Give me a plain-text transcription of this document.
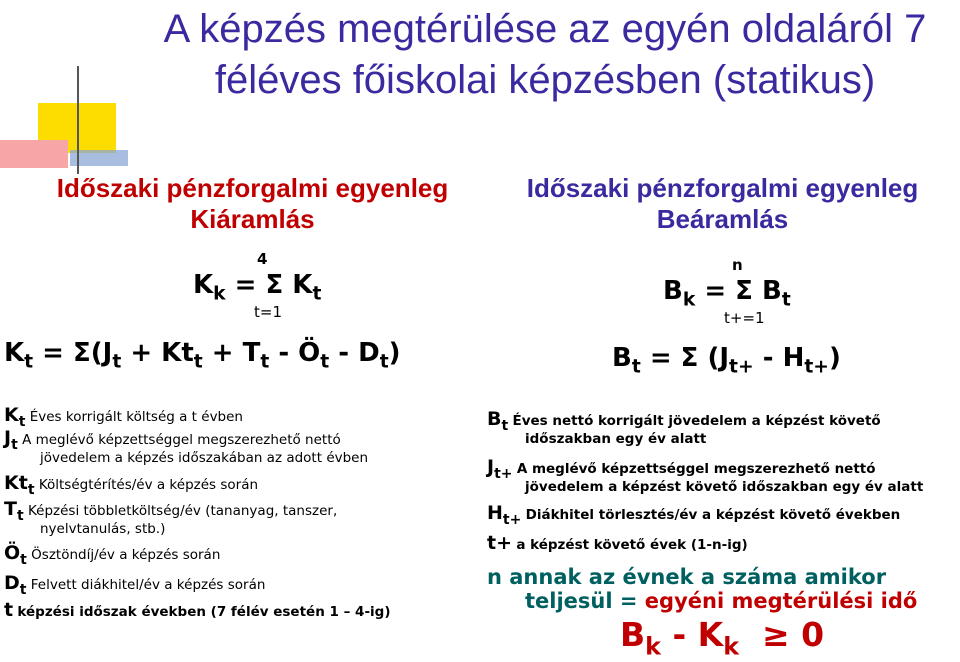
A képzés megtérülése az egyén oldaláról 7 féléves főiskolai képzésben (statikus)
Időszaki pénzforgalmi egyenleg
Kiáramlás
Időszaki pénzforgalmi egyenleg
Beáramlás
4
$K_k = \Sigma$ $K_t$
t=1
$K_t = \Sigma(J_t + Kt_t + T_t$ - $Ö_t - D_t$)
n
$B_k = \Sigma$ $B_t$
t+=1
$B_t = \Sigma$ $(J_{t+} - H_{t+})$
$K_t$ Éves korrigált költség a t évben
$J_t$ A meglévő képzettséggel megszerezhető nettó
jövedelem a képzés időszakában az adott évben
$Kt_t$ Költségtérítés/év a képzés során
$T_t$ Képzési többletköltség/év (tananyag, tanszer,
nyelvtanulás, stb.)
$Ö_t$ Ösztöndíj/év a képzés során
$D_t$ Felvett diákhitel/év a képzés során
t képzési időszak években (7 félév esetén 1 – 4-ig)
$B_t$ Éves nettó korrigált jövedelem a képzést követő
időszakban egy év alatt
$J_{t+}$ A meglévő képzettséggel megszerezhető nettó
jövedelem a képzést követő időszakban egy év alatt
$H_{t+}$ Diákhitel törlesztés/év a képzést követő években
t+ a képzést követő évek (1-n-ig)
n annak az évnek a száma amikor
teljesül = egyéni megtérülési idő
$B_k - K_k \ge 0$
